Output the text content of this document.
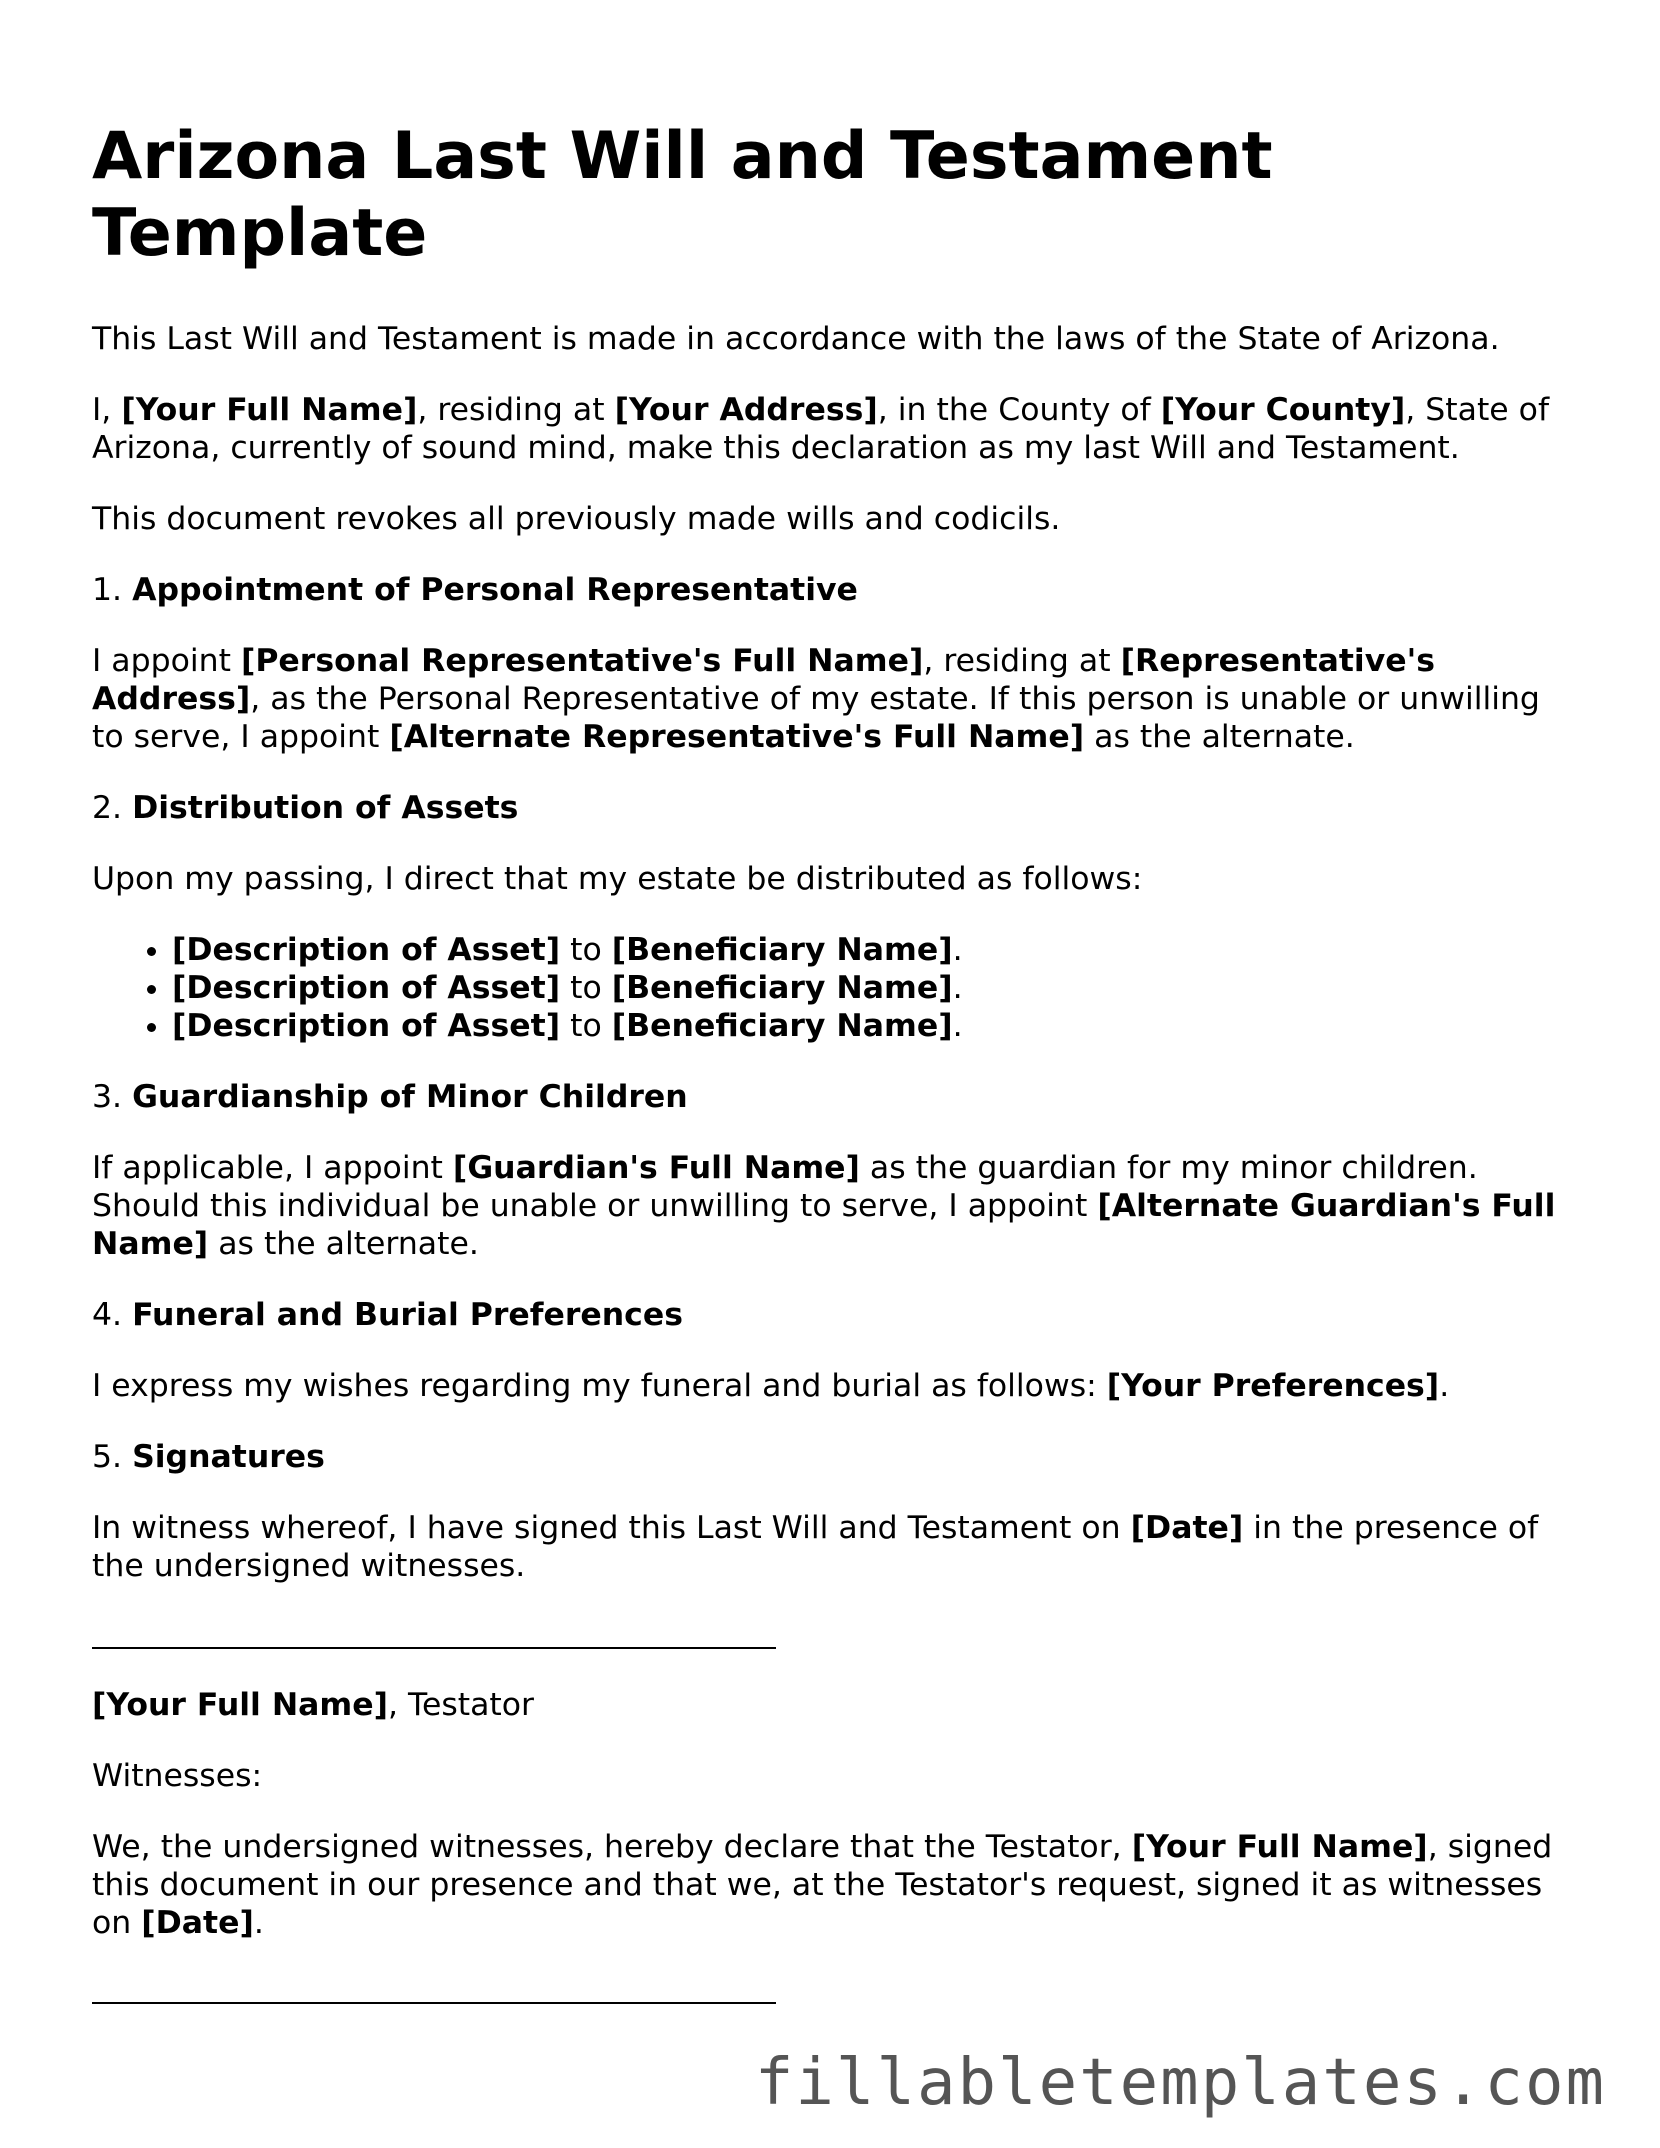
Arizona Last Will and Testament Template

This Last Will and Testament is made in accordance with the laws of the State of Arizona.

I, [Your Full Name], residing at [Your Address], in the County of [Your County], State of Arizona, currently of sound mind, make this declaration as my last Will and Testament.

This document revokes all previously made wills and codicils.

1. Appointment of Personal Representative

I appoint [Personal Representative's Full Name], residing at [Representative's Address], as the Personal Representative of my estate. If this person is unable or unwilling to serve, I appoint [Alternate Representative's Full Name] as the alternate.

2. Distribution of Assets

Upon my passing, I direct that my estate be distributed as follows:

• [Description of Asset] to [Beneficiary Name].
• [Description of Asset] to [Beneficiary Name].
• [Description of Asset] to [Beneficiary Name].

3. Guardianship of Minor Children

If applicable, I appoint [Guardian's Full Name] as the guardian for my minor children. Should this individual be unable or unwilling to serve, I appoint [Alternate Guardian's Full Name] as the alternate.

4. Funeral and Burial Preferences

I express my wishes regarding my funeral and burial as follows: [Your Preferences].

5. Signatures

In witness whereof, I have signed this Last Will and Testament on [Date] in the presence of the undersigned witnesses.

[Your Full Name], Testator

Witnesses:

We, the undersigned witnesses, hereby declare that the Testator, [Your Full Name], signed this document in our presence and that we, at the Testator's request, signed it as witnesses on [Date].

fillabletemplates.com
